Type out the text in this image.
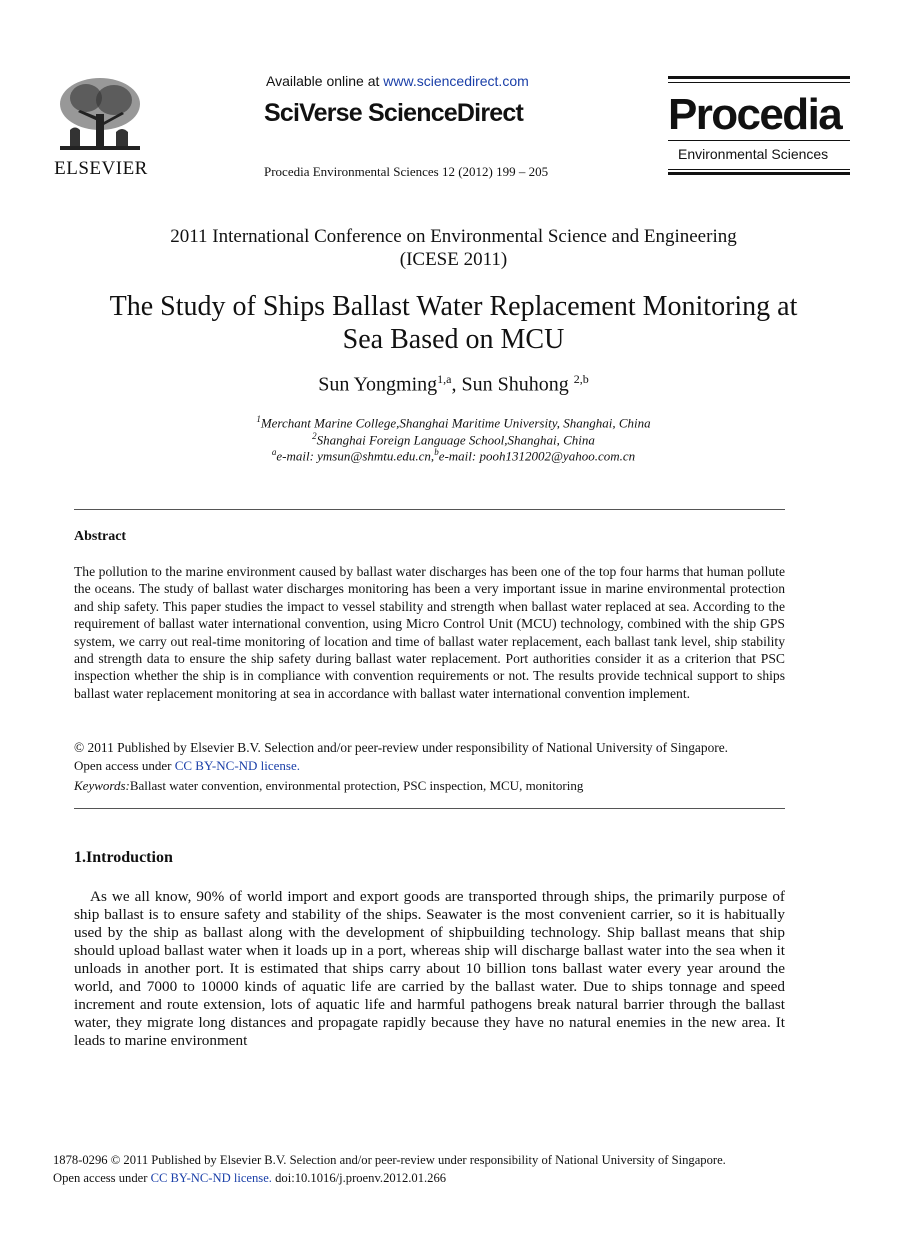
ELSEVIER
Available online at www.sciencedirect.com
SciVerse ScienceDirect
Procedia Environmental Sciences 12 (2012) 199 – 205
Procedia
Environmental Sciences
2011 International Conference on Environmental Science and Engineering
(ICESE 2011)
The Study of Ships Ballast Water Replacement Monitoring at
Sea Based on MCU
Sun Yongming$^{1,a}$, Sun Shuhong $^{2,b}$
$^1$Merchant Marine College,Shanghai Maritime University, Shanghai, China
$^2$Shanghai Foreign Language School,Shanghai, China
$^a$e-mail: ymsun@shmtu.edu.cn,$^b$e-mail: pooh1312002@yahoo.com.cn
Abstract
The pollution to the marine environment caused by ballast water discharges has been one of the top four harms that human pollute the oceans. The study of ballast water discharges monitoring has been a very important issue in marine environmental protection and ship safety. This paper studies the impact to vessel stability and strength when ballast water replaced at sea. According to the requirement of ballast water international convention, using Micro Control Unit (MCU) technology, combined with the ship GPS system, we carry out real-time monitoring of location and time of ballast water replacement, each ballast tank level, ship stability and strength data to ensure the ship safety during ballast water replacement. Port authorities consider it as a criterion that PSC inspection whether the ship is in compliance with convention requirements or not. The results provide technical support to ships ballast water replacement monitoring at sea in accordance with ballast water international convention implement.
© 2011 Published by Elsevier B.V. Selection and/or peer-review under responsibility of National University of Singapore.
Open access under CC BY-NC-ND license.
Keywords:Ballast water convention, environmental protection, PSC inspection, MCU, monitoring
1.Introduction
As we all know, 90% of world import and export goods are transported through ships, the primarily purpose of ship ballast is to ensure safety and stability of the ships. Seawater is the most convenient carrier, so it is habitually used by the ship as ballast along with the development of shipbuilding technology. Ship ballast means that ship should upload ballast water when it loads up in a port, whereas ship will discharge ballast water into the sea when it unloads in another port. It is estimated that ships carry about 10 billion tons ballast water every year around the world, and 7000 to 10000 kinds of aquatic life are carried by the ballast water. Due to ships tonnage and speed increment and route extension, lots of aquatic life and harmful pathogens break natural barrier through the ballast water, they migrate long distances and propagate rapidly because they have no natural enemies in the new area. It leads to marine environment
1878-0296 © 2011 Published by Elsevier B.V. Selection and/or peer-review under responsibility of National University of Singapore.
Open access under CC BY-NC-ND license. doi:10.1016/j.proenv.2012.01.266
